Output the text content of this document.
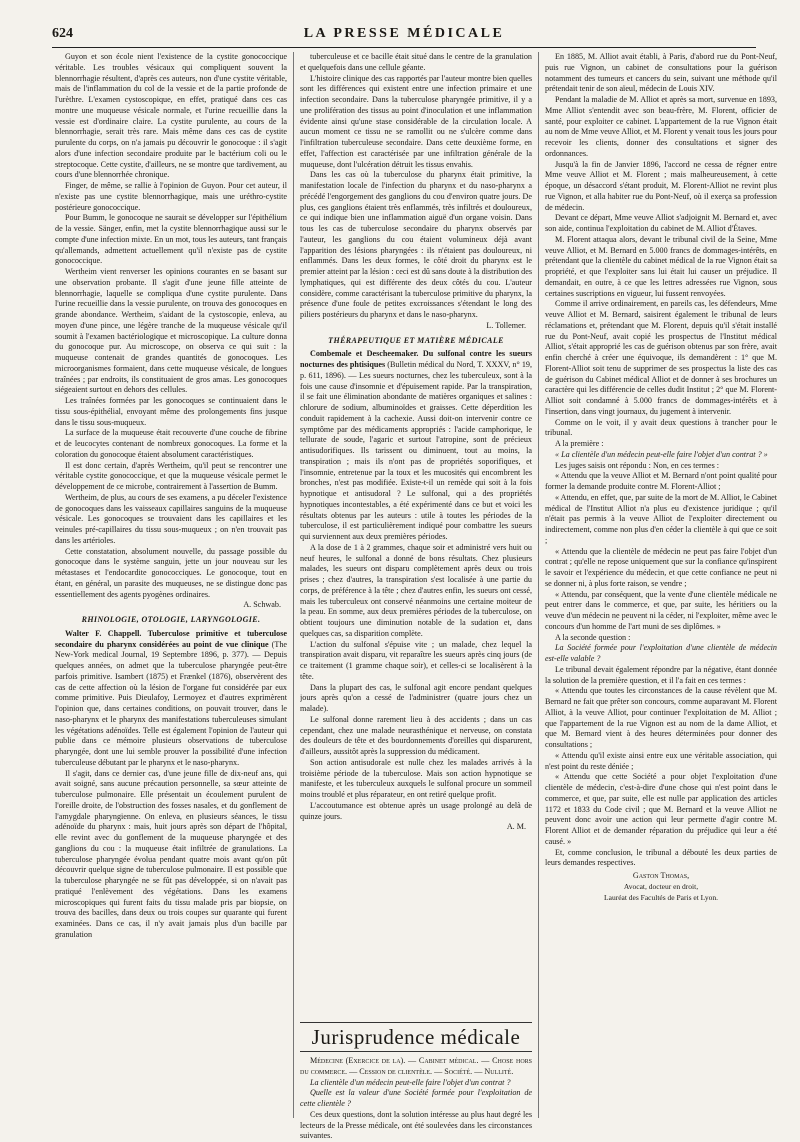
624	LA PRESSE MÉDICALE

Guyon et son école nient l'existence de la cystite gonococcique véritable. Les troubles vésicaux qui compliquent souvent la blennorrhagie résultent, d'après ces auteurs, non d'une cystite véritable, mais de l'inflammation du col de la vessie et de la partie profonde de l'urèthre. L'examen cystoscopique, en effet, pratiqué dans ces cas montre une muqueuse vésicale normale, et l'urine recueillie dans la vessie est d'ordinaire claire. La cystite purulente, au cours de la blennorrhagie, serait très rare. Mais même dans ces cas de cystite purulente du corps, on n'a jamais pu découvrir le gonocoque : il s'agit alors d'une infection secondaire produite par le bactérium coli ou le streptocoque. Cette cystite, d'ailleurs, ne se montre que tardivement, au cours d'une blennorrhée chronique.

Finger, de même, se rallie à l'opinion de Guyon. Pour cet auteur, il n'existe pas une cystite blennorrhagique, mais une uréthro-cystite postérieure gonococcique.

Pour Bumm, le gonocoque ne saurait se développer sur l'épithélium de la vessie. Sänger, enfin, met la cystite blennorrhagique aussi sur le compte d'une infection mixte. En un mot, tous les auteurs, tant français qu'allemands, admettent actuellement qu'il n'existe pas de cystite gonococcique.

Wertheim vient renverser les opinions courantes en se basant sur une observation probante. Il s'agit d'une jeune fille atteinte de blennorrhagie, laquelle se compliqua d'une cystite purulente. Dans l'urine recueillie dans la vessie purulente, on trouva des gonocoques en grande abondance. Wertheim, s'aidant de la cystoscopie, enleva, au moyen d'une pince, une légère tranche de la muqueuse vésicale qu'il soumit à l'examen bactériologique et microscopique. La culture donna du gonocoque pur. Au microscope, on observa ce qui suit : la muqueuse contenait de grandes quantités de gonocoques. Les microorganismes formaient, dans cette muqueuse vésicale, de longues traînées ; par endroits, ils constituaient de gros amas. Les gonocoques siégeaient surtout en dehors des cellules.

Les traînées formées par les gonocoques se continuaient dans le tissu sous-épithélial, envoyant même des prolongements fins jusque dans le tissu sous-muqueux.

La surface de la muqueuse était recouverte d'une couche de fibrine et de leucocytes contenant de nombreux gonocoques. La forme et la coloration du gonocoque étaient absolument caractéristiques.

Il est donc certain, d'après Wertheim, qu'il peut se rencontrer une véritable cystite gonococcique, et que la muqueuse vésicale permet le développement de ce microbe, contrairement à l'assertion de Bumm.

Wertheim, de plus, au cours de ses examens, a pu déceler l'existence de gonocoques dans les vaisseaux capillaires sanguins de la muqueuse vésicale. Les gonocoques se trouvaient dans les capillaires et les veinules pré-capillaires du tissu sous-muqueux ; on n'en trouvait pas dans les artérioles.

Cette constatation, absolument nouvelle, du passage possible du gonocoque dans le système sanguin, jette un jour nouveau sur les métastases et l'endocardite gonococciques. Le gonocoque, tout en étant, en général, un parasite des muqueuses, ne se distingue donc pas essentiellement des agents pyogènes ordinaires.

A. Schwab.

RHINOLOGIE, OTOLOGIE, LARYNGOLOGIE.

Walter F. Chappell. Tuberculose primitive et tuberculose secondaire du pharynx considérées au point de vue clinique (The New-York medical Journal, 19 Septembre 1896, p. 377). — Depuis quelques années, on admet que la tuberculose pharyngée peut-être parfois primitive. Isambert (1875) et Frænkel (1876), observèrent des cas de cette affection où la lésion de l'organe fut considérée par eux comme primitive. Puis Dieulafoy, Lermoyez et d'autres exprimèrent l'opinion que, dans certaines conditions, on pouvait trouver, dans le naso-pharynx et le pharynx des manifestations tuberculeuses simulant les végétations adénoïdes. Telle est également l'opinion de l'auteur qui publie dans ce mémoire plusieurs observations de tuberculose pharyngée, dont une lui semble prouver la possibilité d'une infection tuberculeuse débutant par le pharynx et le naso-pharynx.

Il s'agit, dans ce dernier cas, d'une jeune fille de dix-neuf ans, qui avait soigné, sans aucune précaution personnelle, sa sœur atteinte de tuberculose pulmonaire. Elle présentait un écoulement purulent de l'oreille droite, de l'obstruction des fosses nasales, et du gonflement de l'amygdale pharyngienne. On enleva, en plusieurs séances, le tissu adénoïde du pharynx : mais, huit jours après son départ de l'hôpital, elle revint avec du gonflement de la muqueuse pharyngée et des ganglions du cou : la muqueuse était infiltrée de granulations. La tuberculose pharyngée évolua pendant quatre mois avant qu'on pût découvrir quelque signe de tuberculose pulmonaire. Il est possible que la tuberculose pharyngée ne se fût pas développée, si on n'avait pas pratiqué l'enlèvement des végétations. Dans les examens microscopiques qui furent faits du tissu malade pris par biopsie, on trouva des bacilles, dans deux ou trois coupes sur quarante qui furent examinées. Dans ce cas, il n'y avait jamais plus d'un bacille par granulation

tuberculeuse et ce bacille était situé dans le centre de la granulation et quelquefois dans une cellule géante.

L'histoire clinique des cas rapportés par l'auteur montre bien quelles sont les différences qui existent entre une infection primaire et une infection secondaire. Dans la tuberculose pharyngée primitive, il y a une prolifération des tissus au point d'inoculation et une inflammation évidente ainsi qu'une stase considérable de la circulation locale. A aucun moment ce tissu ne se ramollit ou ne s'ulcère comme dans l'infiltration tuberculeuse secondaire. Dans cette deuxième forme, en effet, l'affection est caractérisée par une infiltration générale de la muqueuse, dont l'ulcération détruit les tissus envahis.

Dans les cas où la tuberculose du pharynx était primitive, la manifestation locale de l'infection du pharynx et du naso-pharynx a précédé l'engorgement des ganglions du cou d'environ quatre jours. De plus, ces ganglions étaient très enflammés, très infiltrés et douloureux, ce qui indique bien une inflammation aiguë d'un organe voisin. Dans tous les cas de tuberculose secondaire du pharynx observés par l'auteur, les ganglions du cou étaient volumineux déjà avant l'apparition des lésions pharyngées : ils n'étaient pas douloureux, ni enflammés. Dans les deux formes, le côté droit du pharynx est le premier atteint par la lésion : ceci est dû sans doute à la distribution des lymphatiques, qui est différente des deux côtés du cou. L'auteur considère, comme caractérisant la tuberculose primitive du pharynx, la présence d'une foule de petites excroissances s'étendant le long des piliers postérieurs du pharynx et dans le naso-pharynx.

L. Tollemer.

THÉRAPEUTIQUE ET MATIÈRE MÉDICALE

Combemale et Descheemaker. Du sulfonal contre les sueurs nocturnes des phtisiques (Bulletin médical du Nord, T. XXXV, n° 19, p. 611, 1896). — Les sueurs nocturnes, chez les tuberculeux, sont à la fois une cause d'insomnie et d'épuisement rapide. Par la transpiration, il se fait une élimination abondante de matières organiques et salines : chlorure de sodium, albuminoïdes et graisses. Cette déperdition les conduit rapidement à la cachexie. Aussi doit-on intervenir contre ce symptôme par des médicaments appropriés : l'acide camphorique, le tellurate de soude, l'agaric et surtout l'atropine, sont de précieux antisudorifiques. Ils tarissent ou diminuent, tout au moins, la transpiration ; mais ils n'ont pas de propriétés soporifiques, et l'insomnie, entretenue par la toux et les mucosités qui encombrent les bronches, n'est pas modifiée. Existe-t-il un remède qui soit à la fois hypnotique et antisudoral ? Le sulfonal, qui a des propriétés hypnotiques incontestables, a été expérimenté dans ce but et voici les résultats obtenus par les auteurs : utile à toutes les périodes de la tuberculose, il est particulièrement indiqué pour combattre les sueurs qui surviennent aux deux premières périodes.

A la dose de 1 à 2 grammes, chaque soir et administré vers huit ou neuf heures, le sulfonal a donné de bons résultats. Chez plusieurs malades, les sueurs ont disparu complètement après deux ou trois prises ; chez d'autres, la transpiration s'est localisée à une partie du corps, de préférence à la tête ; chez d'autres enfin, les sueurs ont cessé, mais les tuberculeux ont conservé néanmoins une certaine moiteur de la peau. En somme, aux deux premières périodes de la tuberculose, on obtient toujours une diminution notable de la sudation et, dans quelques cas, sa disparition complète.

L'action du sulfonal s'épuise vite ; un malade, chez lequel la transpiration avait disparu, vit reparaître les sueurs après cinq jours (de ce traitement (1 gramme chaque soir), et celles-ci se localisèrent à la tête.

Dans la plupart des cas, le sulfonal agit encore pendant quelques jours après qu'on a cessé de l'administrer (quatre jours chez un malade).

Le sulfonal donne rarement lieu à des accidents ; dans un cas cependant, chez une malade neurasthénique et nerveuse, on constata des douleurs de tête et des bourdonnements d'oreilles qui disparurent, d'ailleurs, aussitôt après la suppression du médicament.

Son action antisudorale est nulle chez les malades arrivés à la troisième période de la tuberculose. Mais son action hypnotique se manifeste, et les tuberculeux auxquels le sulfonal procure un sommeil moins troublé et plus réparateur, en ont retiré quelque profit.

L'accoutumance est obtenue après un usage prolongé au delà de quinze jours.

A. M.

Jurisprudence médicale

Médecine (Exercice de la). — Cabinet médical. — Chose hors du commerce. — Cession de clientèle. — Société. — Nullité.

La clientèle d'un médecin peut-elle faire l'objet d'un contrat ?

Quelle est la valeur d'une Société formée pour l'exploitation de cette clientèle ?

Ces deux questions, dont la solution intéresse au plus haut degré les lecteurs de la Presse médicale, ont été soulevées dans les circonstances suivantes.

En 1885, M. Alliot avait établi, à Paris, d'abord rue du Pont-Neuf, puis rue Vignon, un cabinet de consultations pour la guérison notamment des tumeurs et cancers du sein, suivant une méthode qu'il prétendait tenir de son aïeul, médecin de Louis XIV.

Pendant la maladie de M. Alliot et après sa mort, survenue en 1893, Mme Alliot s'entendit avec son beau-frère, M. Florent, officier de santé, pour exploiter ce cabinet. L'appartement de la rue Vignon était au nom de Mme veuve Alliot, et M. Florent y venait tous les jours pour recevoir les clients, donner des consultations et signer des ordonnances.

Jusqu'à la fin de Janvier 1896, l'accord ne cessa de régner entre Mme veuve Alliot et M. Florent ; mais malheureusement, à cette époque, un désaccord s'étant produit, M. Florent-Alliot ne revint plus rue Vignon, et alla habiter rue du Pont-Neuf, où il exerça sa profession de médecin.

Devant ce départ, Mme veuve Alliot s'adjoignit M. Bernard et, avec son aide, continua l'exploitation du cabinet de M. Alliot d'Étaves.

M. Florent attaqua alors, devant le tribunal civil de la Seine, Mme veuve Alliot, et M. Bernard en 5.000 francs de dommages-intérêts, en prétendant que la clientèle du cabinet médical de la rue Vignon était sa propriété, et que l'exploiter sans lui était lui causer un préjudice. Il demandait, en outre, à ce que les lettres adressées rue Vignon, sous certaines suscriptions en vigueur, lui fussent renvoyées.

Comme il arrive ordinairement, en pareils cas, les défendeurs, Mme veuve Alliot et M. Bernard, saisirent également le tribunal de leurs réclamations et, prétendant que M. Florent, depuis qu'il s'était installé rue du Pont-Neuf, avait copié les prospectus de l'Institut médical Alliot, s'était approprié les cas de guérison obtenus par son frère, avait enfin cherché à créer une équivoque, ils demandèrent : 1° que M. Florent-Alliot soit tenu de supprimer de ses prospectus la liste des cas de guérison du Cabinet médical Alliot et de donner à ses brochures un caractère qui les différencie de celles dudit Institut ; 2° que M. Florent-Alliot soit condamné à 5.000 francs de dommages-intérêts et à l'insertion, dans vingt journaux, du jugement à intervenir.

Comme on le voit, il y avait deux questions à trancher pour le tribunal.

A la première :

« La clientèle d'un médecin peut-elle faire l'objet d'un contrat ? »

Les juges saisis ont répondu : Non, en ces termes :

« Attendu que la veuve Alliot et M. Bernard n'ont point qualité pour former la demande produite contre M. Florent-Alliot ;

« Attendu, en effet, que, par suite de la mort de M. Alliot, le Cabinet médical de l'Institut Alliot n'a plus eu d'existence juridique ; qu'il n'était pas permis à la veuve Alliot de l'exploiter directement ou indirectement, comme non plus d'en céder la clientèle à qui que ce soit ;

« Attendu que la clientèle de médecin ne peut pas faire l'objet d'un contrat ; qu'elle ne repose uniquement que sur la confiance qu'inspirent le savoir et l'expérience du médecin, et que cette confiance ne peut ni se donner ni, à plus forte raison, se vendre ;

« Attendu, par conséquent, que la vente d'une clientèle médicale ne peut entrer dans le commerce, et que, par suite, les héritiers ou la veuve d'un médecin ne peuvent ni la céder, ni l'exploiter, même avec le concours d'un homme de l'art muni de ses diplômes. »

A la seconde question :

La Société formée pour l'exploitation d'une clientèle de médecin est-elle valable ?

Le tribunal devait également répondre par la négative, étant donnée la solution de la première question, et il l'a fait en ces termes :

« Attendu que toutes les circonstances de la cause révèlent que M. Bernard ne fait que prêter son concours, comme auparavant M. Florent Alliot, à la veuve Alliot, pour continuer l'exploitation de M. Alliot ; que l'appartement de la rue Vignon est au nom de la dame Alliot, et que M. Bernard vient à des heures déterminées pour donner des consultations ;

« Attendu qu'il existe ainsi entre eux une véritable association, qui n'est point du reste déniée ;

« Attendu que cette Société a pour objet l'exploitation d'une clientèle de médecin, c'est-à-dire d'une chose qui n'est point dans le commerce, et que, par suite, elle est nulle par application des articles 1172 et 1833 du Code civil ; que M. Bernard et la veuve Alliot ne peuvent donc avoir une action qui leur permette d'agir contre M. Florent Alliot et de demander réparation du préjudice qui leur a été causé. »

Et, comme conclusion, le tribunal a débouté les deux parties de leurs demandes respectives.

Gaston Thomas,

Avocat, docteur en droit,

Lauréat des Facultés de Paris et Lyon.
